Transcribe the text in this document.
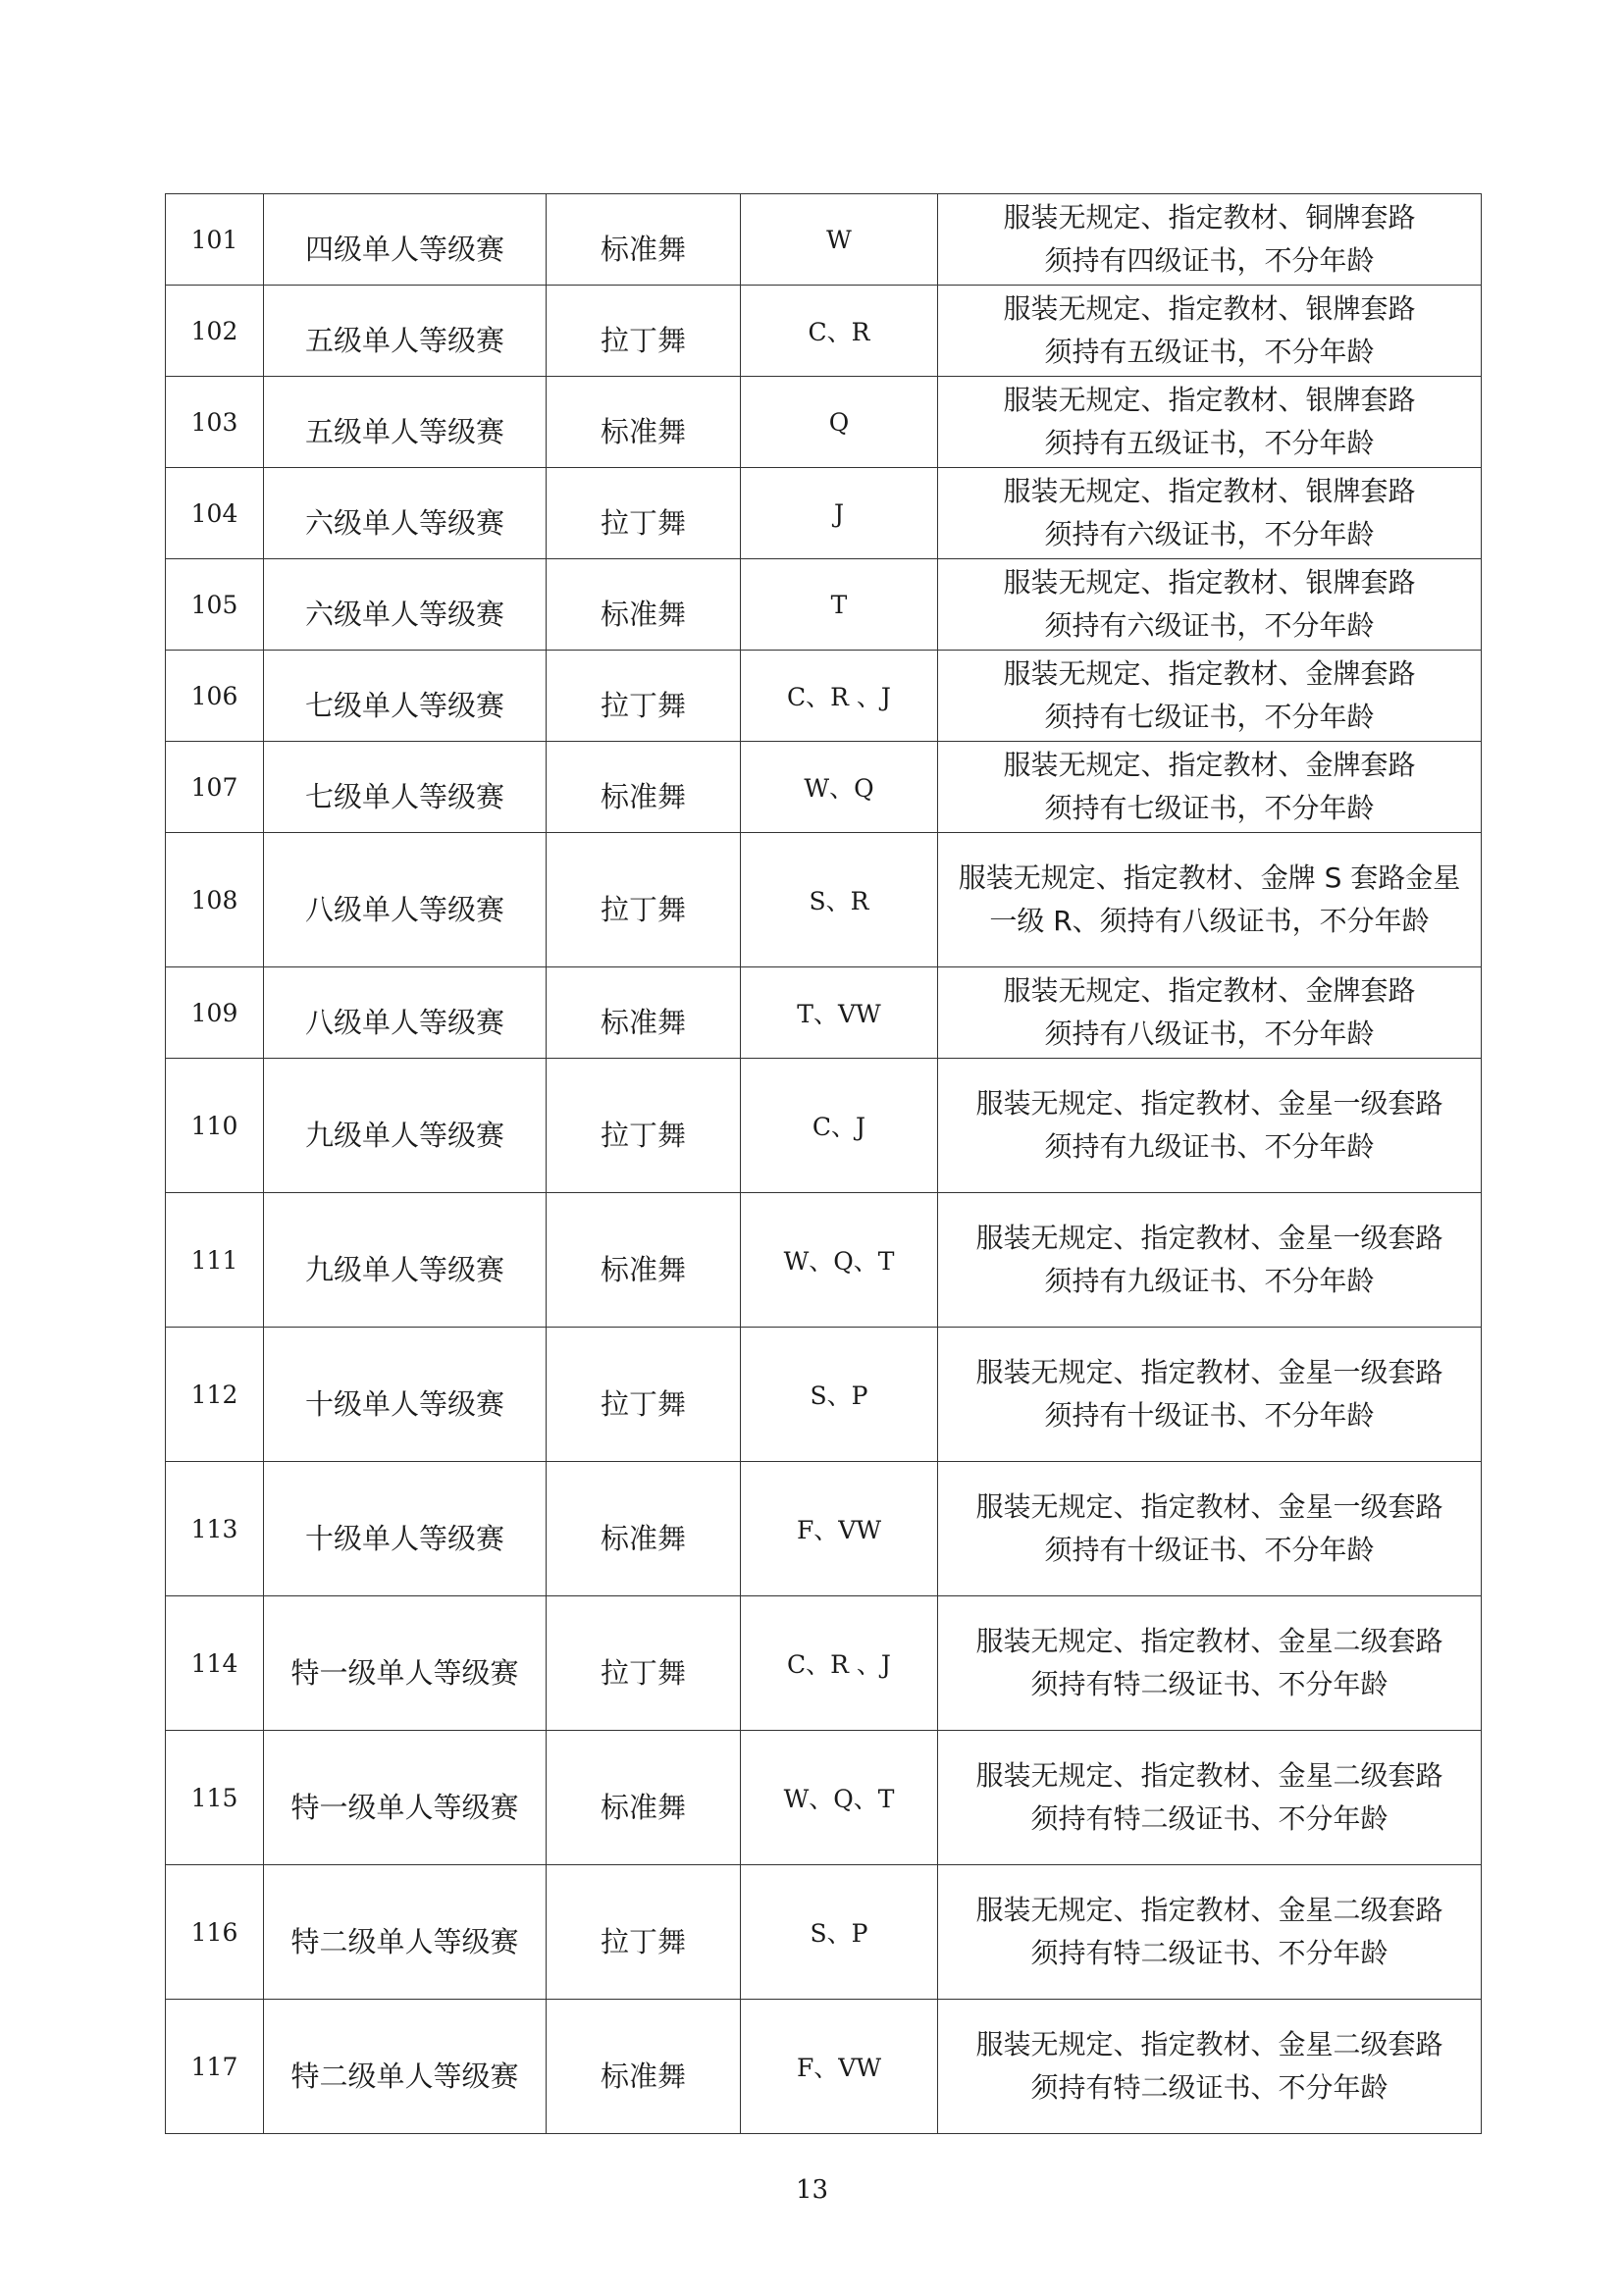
101	四级单人等级赛	标准舞	W	服装无规定、指定教材、铜牌套路
须持有四级证书，不分年龄

102	五级单人等级赛	拉丁舞	C、R	服装无规定、指定教材、银牌套路
须持有五级证书，不分年龄

103	五级单人等级赛	标准舞	Q	服装无规定、指定教材、银牌套路
须持有五级证书，不分年龄

104	六级单人等级赛	拉丁舞	J	服装无规定、指定教材、银牌套路
须持有六级证书，不分年龄

105	六级单人等级赛	标准舞	T	服装无规定、指定教材、银牌套路
须持有六级证书，不分年龄

106	七级单人等级赛	拉丁舞	C、R 、J	服装无规定、指定教材、金牌套路
须持有七级证书，不分年龄

107	七级单人等级赛	标准舞	W、Q	服装无规定、指定教材、金牌套路
须持有七级证书，不分年龄

108	八级单人等级赛	拉丁舞	S、R	服装无规定、指定教材、金牌 S 套路金星
一级 R、须持有八级证书，不分年龄

109	八级单人等级赛	标准舞	T、VW	服装无规定、指定教材、金牌套路
须持有八级证书，不分年龄

110	九级单人等级赛	拉丁舞	C、J	服装无规定、指定教材、金星一级套路
须持有九级证书、不分年龄

111	九级单人等级赛	标准舞	W、Q、T	服装无规定、指定教材、金星一级套路
须持有九级证书、不分年龄

112	十级单人等级赛	拉丁舞	S、P	服装无规定、指定教材、金星一级套路
须持有十级证书、不分年龄

113	十级单人等级赛	标准舞	F、VW	服装无规定、指定教材、金星一级套路
须持有十级证书、不分年龄

114	特一级单人等级赛	拉丁舞	C、R 、J	服装无规定、指定教材、金星二级套路
须持有特二级证书、不分年龄

115	特一级单人等级赛	标准舞	W、Q、T	服装无规定、指定教材、金星二级套路
须持有特二级证书、不分年龄

116	特二级单人等级赛	拉丁舞	S、P	服装无规定、指定教材、金星二级套路
须持有特二级证书、不分年龄

117	特二级单人等级赛	标准舞	F、VW	服装无规定、指定教材、金星二级套路
须持有特二级证书、不分年龄
13
